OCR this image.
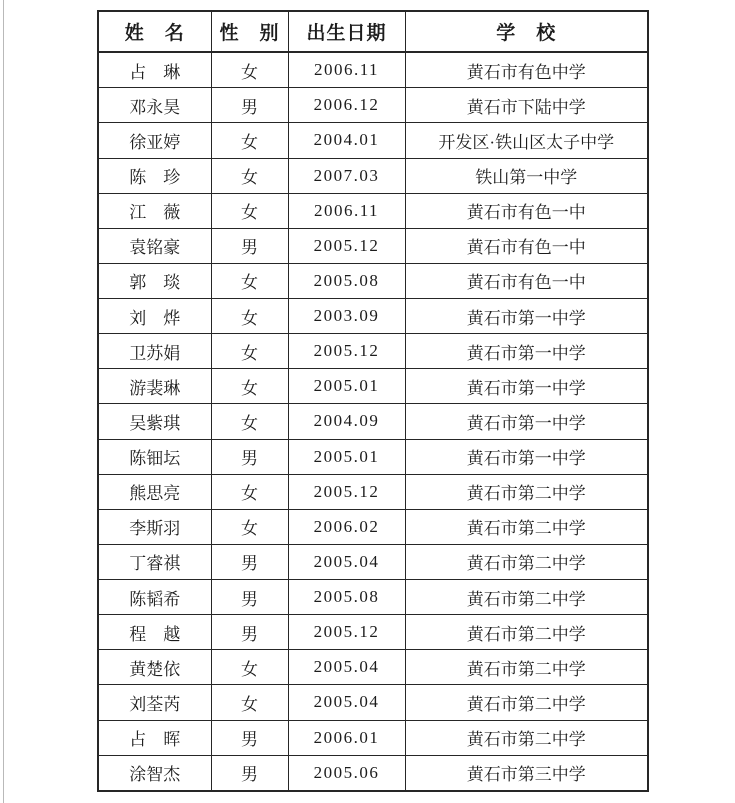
姓　名	性　别	出生日期	学　校
占　琳	女	2006.11	黄石市有色中学
邓永昊	男	2006.12	黄石市下陆中学
徐亚婷	女	2004.01	开发区·铁山区太子中学
陈　珍	女	2007.03	铁山第一中学
江　薇	女	2006.11	黄石市有色一中
袁铭豪	男	2005.12	黄石市有色一中
郭　琰	女	2005.08	黄石市有色一中
刘　烨	女	2003.09	黄石市第一中学
卫苏娟	女	2005.12	黄石市第一中学
游裴琳	女	2005.01	黄石市第一中学
吴紫琪	女	2004.09	黄石市第一中学
陈钿坛	男	2005.01	黄石市第一中学
熊思亮	女	2005.12	黄石市第二中学
李斯羽	女	2006.02	黄石市第二中学
丁睿祺	男	2005.04	黄石市第二中学
陈韬希	男	2005.08	黄石市第二中学
程　越	男	2005.12	黄石市第二中学
黄楚依	女	2005.04	黄石市第二中学
刘荃芮	女	2005.04	黄石市第二中学
占　晖	男	2006.01	黄石市第二中学
涂智杰	男	2005.06	黄石市第三中学
